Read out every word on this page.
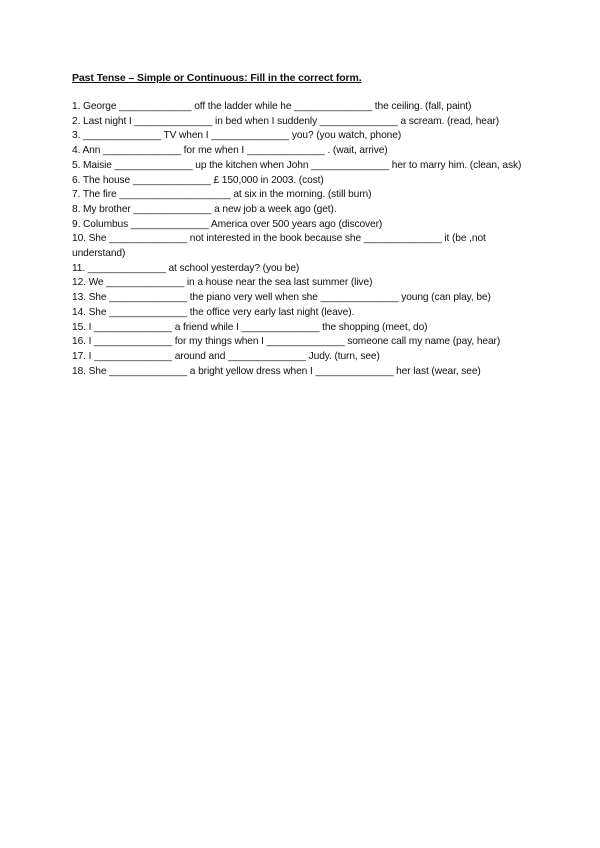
Past Tense – Simple or Continuous: Fill in the correct form.

1. George _____________ off the ladder while he ______________ the ceiling. (fall, paint)

2. Last night I ______________ in bed when I suddenly ______________ a scream. (read, hear)

3. ______________ TV when I ______________ you? (you watch, phone)

4. Ann ______________ for me when I ______________ . (wait, arrive)

5. Maisie ______________ up the kitchen when John ______________ her to marry him. (clean, ask)

6. The house ______________ £ 150,000 in 2003. (cost)

7. The fire ____________________ at six in the morning. (still burn)

8. My brother ______________ a new job a week ago (get).

9. Columbus ______________ America over 500 years ago (discover)

10. She ______________ not interested in the book because she ______________ it (be ,not understand)

11. ______________ at school yesterday? (you be)

12. We ______________ in a house near the sea last summer (live)

13. She ______________ the piano very well when she ______________ young (can play, be)

14. She ______________ the office very early last night (leave).

15. I ______________ a friend while I ______________ the shopping (meet, do)

16. I ______________ for my things when I ______________ someone call my name (pay, hear)

17. I ______________ around and ______________ Judy. (turn, see)

18. She ______________ a bright yellow dress when I ______________ her last (wear, see)
